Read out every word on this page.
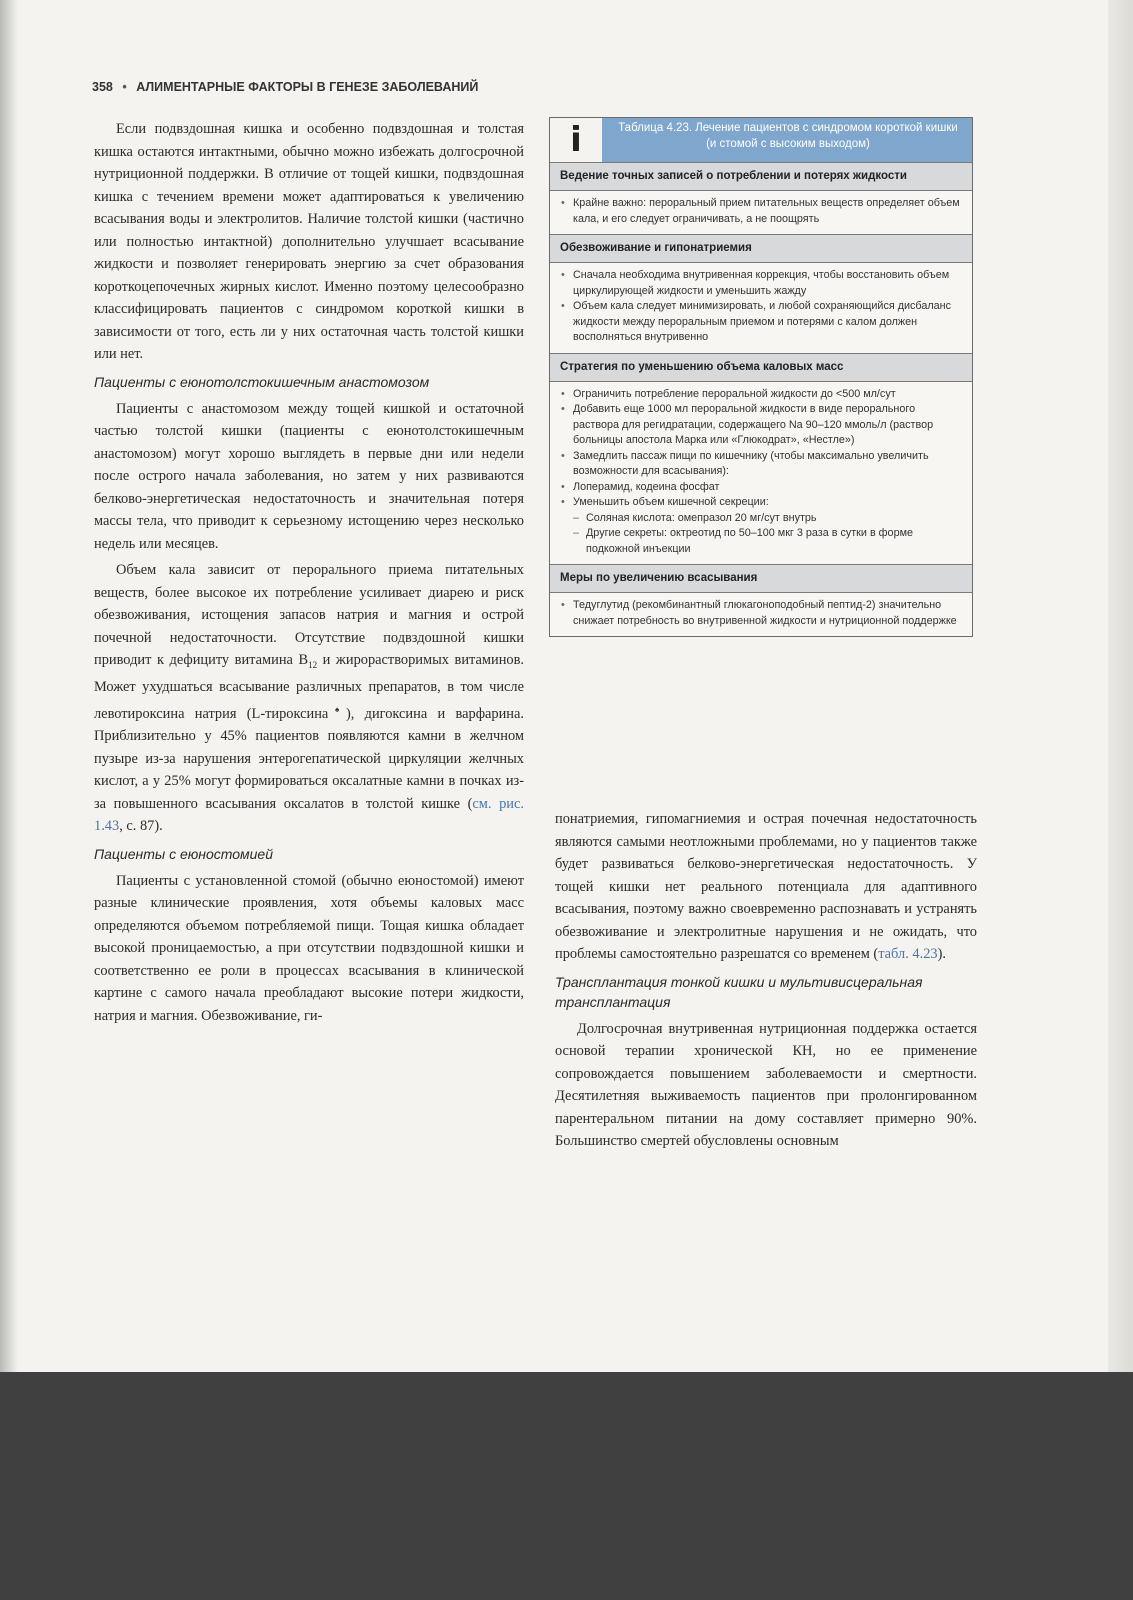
358 • АЛИМЕНТАРНЫЕ ФАКТОРЫ В ГЕНЕЗЕ ЗАБОЛЕВАНИЙ

Если подвздошная кишка и особенно подвздошная и толстая кишка остаются интактными, обычно можно избежать долгосрочной нутриционной поддержки. В отличие от тощей кишки, подвздошная кишка с течением времени может адаптироваться к увеличению всасывания воды и электролитов. Наличие толстой кишки (частично или полностью интактной) дополнительно улучшает всасывание жидкости и позволяет генерировать энергию за счет образования короткоцепочечных жирных кислот. Именно поэтому целесообразно классифицировать пациентов с синдромом короткой кишки в зависимости от того, есть ли у них остаточная часть толстой кишки или нет.

Пациенты с еюнотолстокишечным анастомозом

Пациенты с анастомозом между тощей кишкой и остаточной частью толстой кишки (пациенты с еюнотолстокишечным анастомозом) могут хорошо выглядеть в первые дни или недели после острого начала заболевания, но затем у них развиваются белково-энергетическая недостаточность и значительная потеря массы тела, что приводит к серьезному истощению через несколько недель или месяцев.

Объем кала зависит от перорального приема питательных веществ, более высокое их потребление усиливает диарею и риск обезвоживания, истощения запасов натрия и магния и острой почечной недостаточности. Отсутствие подвздошной кишки приводит к дефициту витамина $B_{12}$ и жирорастворимых витаминов. Может ухудшаться всасывание различных препаратов, в том числе левотироксина натрия (L-тироксина♠), дигоксина и варфарина. Приблизительно у 45% пациентов появляются камни в желчном пузыре из-за нарушения энтерогепатической циркуляции желчных кислот, а у 25% могут формироваться оксалатные камни в почках из-за повышенного всасывания оксалатов в толстой кишке (см. рис. 1.43, с. 87).

Пациенты с еюностомией

Пациенты с установленной стомой (обычно еюностомой) имеют разные клинические проявления, хотя объемы каловых масс определяются объемом потребляемой пищи. Тощая кишка обладает высокой проницаемостью, а при отсутствии подвздошной кишки и соответственно ее роли в процессах всасывания в клинической картине с самого начала преобладают высокие потери жидкости, натрия и магния. Обезвоживание, ги-

i	Таблица 4.23. Лечение пациентов с синдромом короткой кишки (и стомой с высоким выходом)
Ведение точных записей о потреблении и потерях жидкости
• Крайне важно: пероральный прием питательных веществ определяет объем кала, и его следует ограничивать, а не поощрять
Обезвоживание и гипонатриемия
• Сначала необходима внутривенная коррекция, чтобы восстановить объем циркулирующей жидкости и уменьшить жажду
• Объем кала следует минимизировать, и любой сохраняющийся дисбаланс жидкости между пероральным приемом и потерями с калом должен восполняться внутривенно
Стратегия по уменьшению объема каловых масс
• Ограничить потребление пероральной жидкости до <500 мл/сут
• Добавить еще 1000 мл пероральной жидкости в виде перорального раствора для регидратации, содержащего Na 90–120 ммоль/л (раствор больницы апостола Марка или «Глюкодрат», «Нестле»)
• Замедлить пассаж пищи по кишечнику (чтобы максимально увеличить возможности для всасывания):
• Лоперамид, кодеина фосфат
• Уменьшить объем кишечной секреции:
– Соляная кислота: омепразол 20 мг/сут внутрь
– Другие секреты: октреотид по 50–100 мкг 3 раза в сутки в форме подкожной инъекции
Меры по увеличению всасывания
• Тедуглутид (рекомбинантный глюкагоноподобный пептид-2) значительно снижает потребность во внутривенной жидкости и нутриционной поддержке

понатриемия, гипомагниемия и острая почечная недостаточность являются самыми неотложными проблемами, но у пациентов также будет развиваться белково-энергетическая недостаточность. У тощей кишки нет реального потенциала для адаптивного всасывания, поэтому важно своевременно распознавать и устранять обезвоживание и электролитные нарушения и не ожидать, что проблемы самостоятельно разрешатся со временем (табл. 4.23).

Трансплантация тонкой кишки и мультивисцеральная трансплантация

Долгосрочная внутривенная нутриционная поддержка остается основой терапии хронической КН, но ее применение сопровождается повышением заболеваемости и смертности. Десятилетняя выживаемость пациентов при пролонгированном парентеральном питании на дому составляет примерно 90%. Большинство смертей обусловлены основным
